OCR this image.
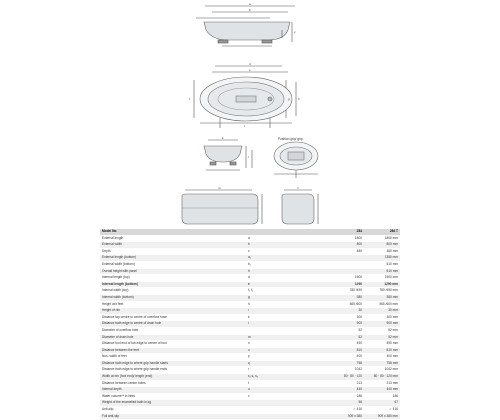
a
b
c
d
e
f	g	h
i
k
l
m	n
Position grip/ grip
Model No.		284	284 T
External length	a	1800	1800 mm
External width	b	800	800 mm
Depth	c	480	480 mm
External length (bottom)	a₁		1380 mm
External width (bottom)	b₁		510 mm
Overall height with panel	h		610 mm
Internal length (top)	d	1500	1500 mm
Internal length (bottom)	e	1290	1290 mm
Internal width (top)	f₁ f₂	780 /490	780 /490 mm
Internal width (bottom)	g	380	380 mm
Height w/o feet	h	565 /600	565 /600 mm
Height of rim	i	30	30 mm
Distance tap centre to centre of overflow hose	k	300	300 mm
Distance bath edge to centre of drain hole	l	900	900 mm
Diameter of overflow hole		52	52 mm
Diameter of drain hole	m	52	52 mm
Distance foot end of tub edge to centre of foot	n	490	490 mm
Distance between the feet	o	810	810 mm
Nos. width of feet	p	400	400 mm
Distance bath edge to where grip handle starts	q	758	758 mm
Distance bath edge to where grip handle ends	r	1042	1042 mm
Width at rim (foot end)/ length (end)	s₁ s₂ s₃	80 · 80 · 120	80 · 80 · 120 mm
Distance between centre holes	t	213	213 mm
Internal depth	u	440	440 mm
Water volume** in litres	v	186	186
Weight of the enamelled bath in kg		56	67
Anti-slip		✓ 416	✓ 416
Full anti-slip		909 x 380	909 x 380 mm
